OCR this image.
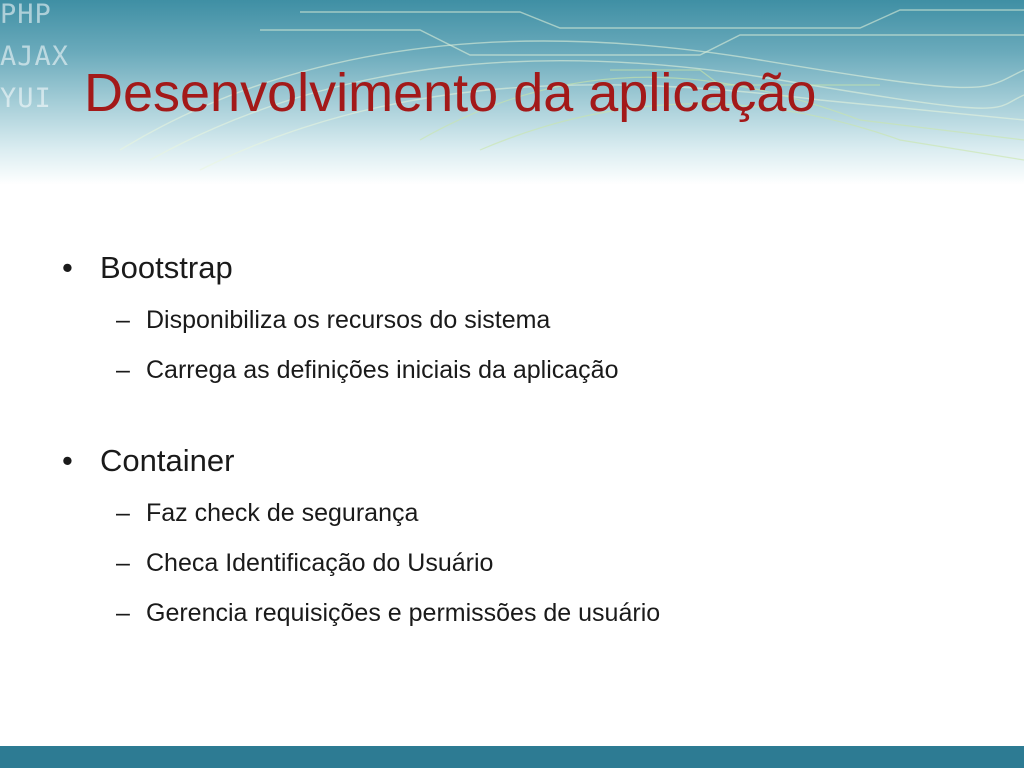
PHP
AJAX
YUI Desenvolvimento da aplicação
• Bootstrap
– Disponibiliza os recursos do sistema
– Carrega as definições iniciais da aplicação
• Container
– Faz check de segurança
– Checa Identificação do Usuário
– Gerencia requisições e permissões de usuário
